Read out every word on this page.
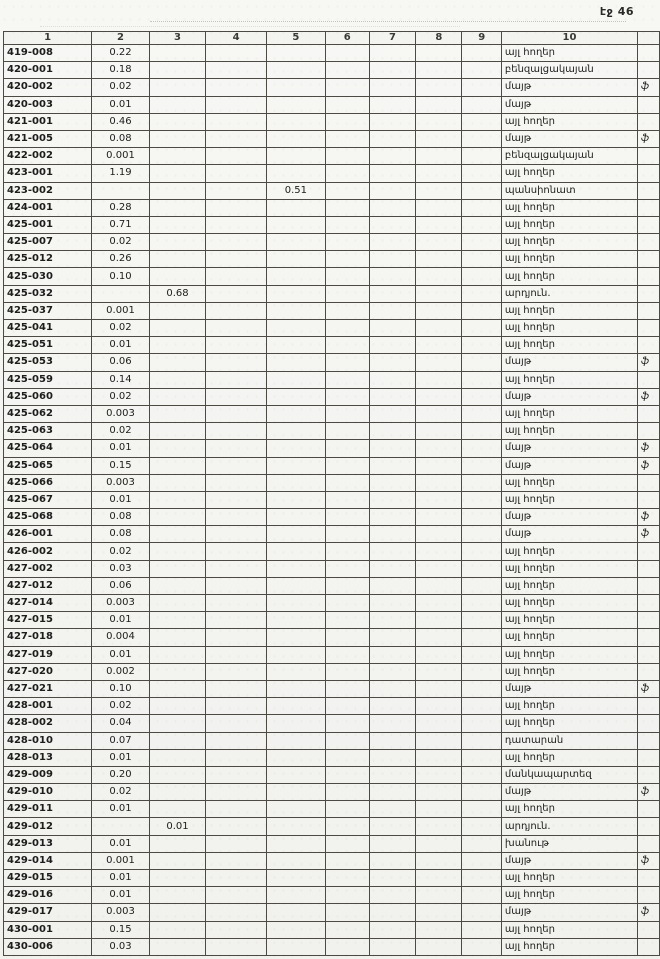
էջ 46
1	2	3	4	5	6	7	8	9	10	
419-008	0.22								այլ հողեր	
420-001	0.18								բենզալցակայան	
420-002	0.02								մայթ	ֆ
420-003	0.01								մայթ	
421-001	0.46								այլ հողեր	
421-005	0.08								մայթ	ֆ
422-002	0.001								բենզալցակայան	
423-001	1.19								այլ հողեր	
423-002				0.51					պանսիոնատ	
424-001	0.28								այլ հողեր	
425-001	0.71								այլ հողեր	
425-007	0.02								այլ հողեր	
425-012	0.26								այլ հողեր	
425-030	0.10								այլ հողեր	
425-032		0.68							արդյուն.	
425-037	0.001								այլ հողեր	
425-041	0.02								այլ հողեր	
425-051	0.01								այլ հողեր	
425-053	0.06								մայթ	ֆ
425-059	0.14								այլ հողեր	
425-060	0.02								մայթ	ֆ
425-062	0.003								այլ հողեր	
425-063	0.02								այլ հողեր	
425-064	0.01								մայթ	ֆ
425-065	0.15								մայթ	ֆ
425-066	0.003								այլ հողեր	
425-067	0.01								այլ հողեր	
425-068	0.08								մայթ	ֆ
426-001	0.08								մայթ	ֆ
426-002	0.02								այլ հողեր	
427-002	0.03								այլ հողեր	
427-012	0.06								այլ հողեր	
427-014	0.003								այլ հողեր	
427-015	0.01								այլ հողեր	
427-018	0.004								այլ հողեր	
427-019	0.01								այլ հողեր	
427-020	0.002								այլ հողեր	
427-021	0.10								մայթ	ֆ
428-001	0.02								այլ հողեր	
428-002	0.04								այլ հողեր	
428-010	0.07								դատարան	
428-013	0.01								այլ հողեր	
429-009	0.20								մանկապարտեզ	
429-010	0.02								մայթ	ֆ
429-011	0.01								այլ հողեր	
429-012		0.01							արդյուն.	
429-013	0.01								խանութ	
429-014	0.001								մայթ	ֆ
429-015	0.01								այլ հողեր	
429-016	0.01								այլ հողեր	
429-017	0.003								մայթ	ֆ
430-001	0.15								այլ հողեր	
430-006	0.03								այլ հողեր	
